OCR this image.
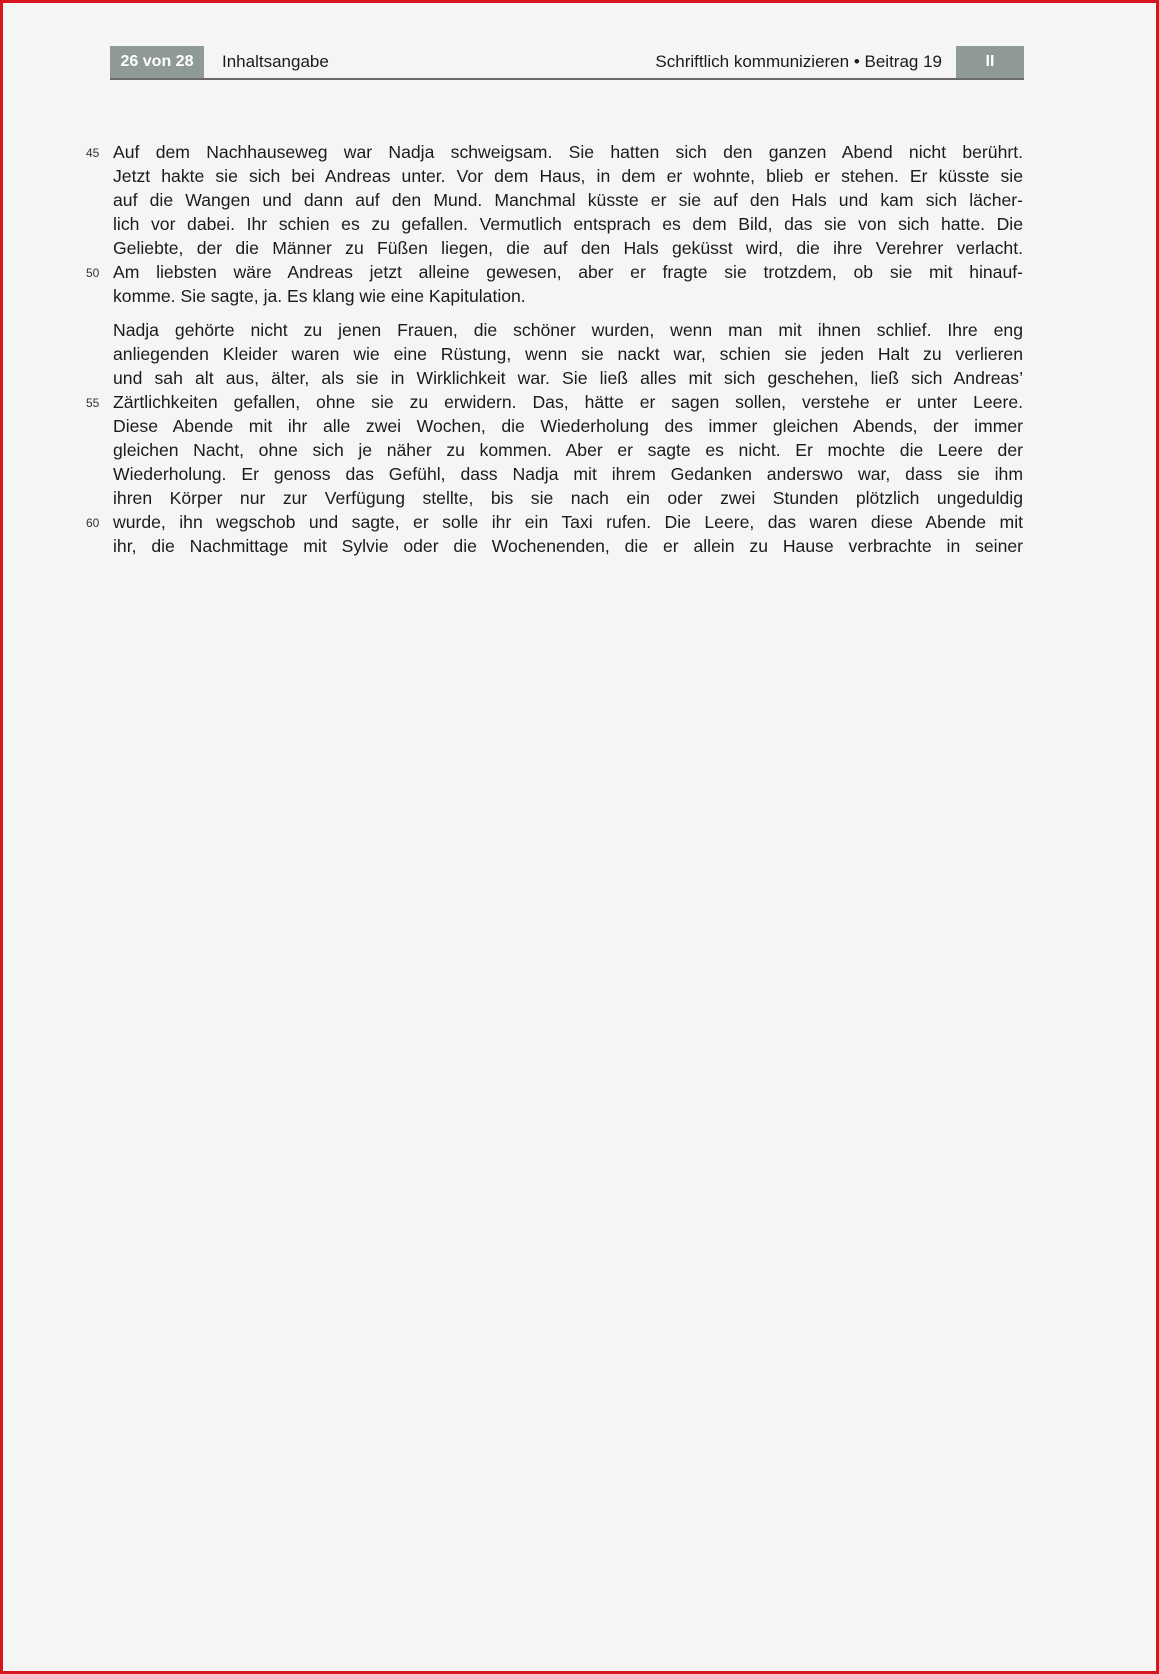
26 von 28	Inhaltsangabe	Schriftlich kommunizieren • Beitrag 19	II
45 Auf dem Nachhauseweg war Nadja schweigsam. Sie hatten sich den ganzen Abend nicht berührt.
Jetzt hakte sie sich bei Andreas unter. Vor dem Haus, in dem er wohnte, blieb er stehen. Er küsste sie
auf die Wangen und dann auf den Mund. Manchmal küsste er sie auf den Hals und kam sich lächer-
lich vor dabei. Ihr schien es zu gefallen. Vermutlich entsprach es dem Bild, das sie von sich hatte. Die
Geliebte, der die Männer zu Füßen liegen, die auf den Hals geküsst wird, die ihre Verehrer verlacht.
50 Am liebsten wäre Andreas jetzt alleine gewesen, aber er fragte sie trotzdem, ob sie mit hinauf-
komme. Sie sagte, ja. Es klang wie eine Kapitulation.
Nadja gehörte nicht zu jenen Frauen, die schöner wurden, wenn man mit ihnen schlief. Ihre eng
anliegenden Kleider waren wie eine Rüstung, wenn sie nackt war, schien sie jeden Halt zu verlieren
und sah alt aus, älter, als sie in Wirklichkeit war. Sie ließ alles mit sich geschehen, ließ sich Andreas’
55 Zärtlichkeiten gefallen, ohne sie zu erwidern. Das, hätte er sagen sollen, verstehe er unter Leere.
Diese Abende mit ihr alle zwei Wochen, die Wiederholung des immer gleichen Abends, der immer
gleichen Nacht, ohne sich je näher zu kommen. Aber er sagte es nicht. Er mochte die Leere der
Wiederholung. Er genoss das Gefühl, dass Nadja mit ihrem Gedanken anderswo war, dass sie ihm
ihren Körper nur zur Verfügung stellte, bis sie nach ein oder zwei Stunden plötzlich ungeduldig
60 wurde, ihn wegschob und sagte, er solle ihr ein Taxi rufen. Die Leere, das waren diese Abende mit
ihr, die Nachmittage mit Sylvie oder die Wochenenden, die er allein zu Hause verbrachte in seiner
